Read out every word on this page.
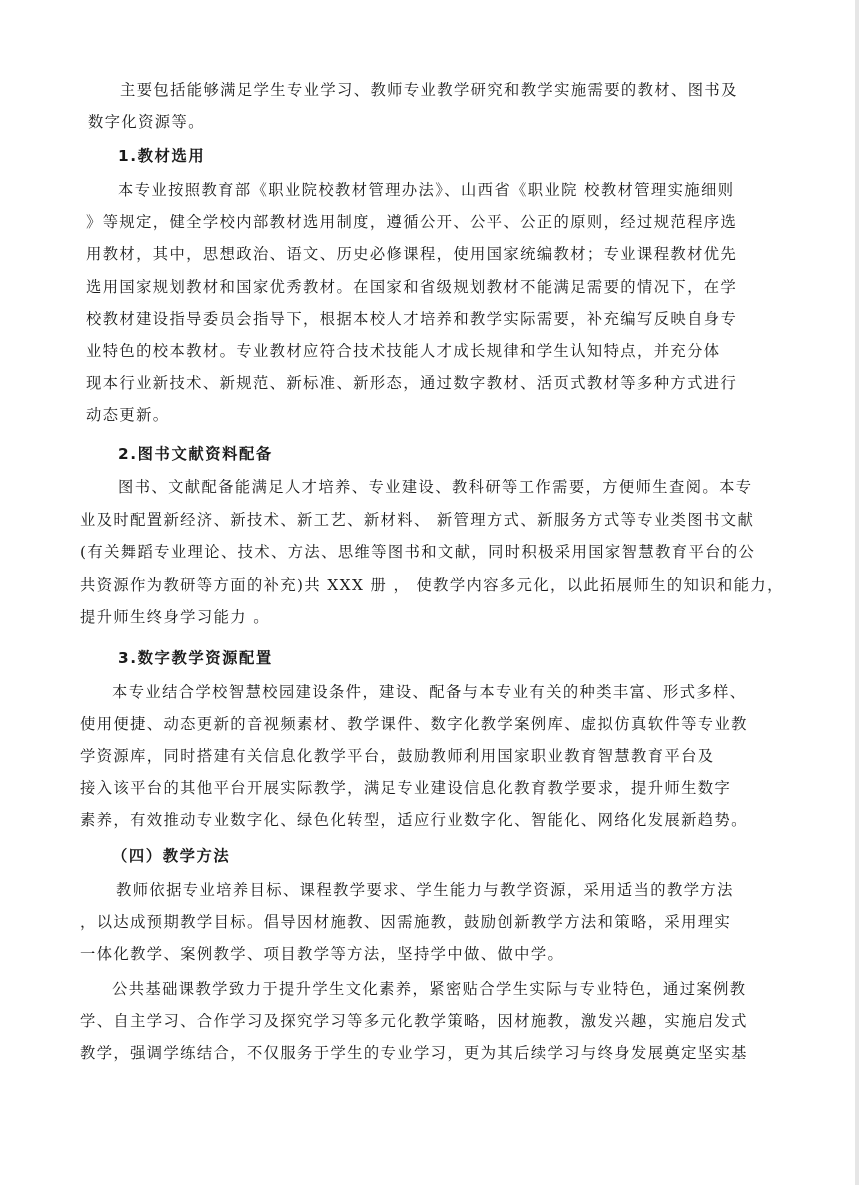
主要包括能够满足学生专业学习、教师专业教学研究和教学实施需要的教材、图书及
数字化资源等。
1.教材选用
本专业按照教育部《职业院校教材管理办法》、山西省《职业院 校教材管理实施细则
》等规定，健全学校内部教材选用制度，遵循公开、公平、公正的原则，经过规范程序选
用教材，其中，思想政治、语文、历史必修课程，使用国家统编教材；专业课程教材优先
选用国家规划教材和国家优秀教材。在国家和省级规划教材不能满足需要的情况下，在学
校教材建设指导委员会指导下，根据本校人才培养和教学实际需要，补充编写反映自身专
业特色的校本教材。专业教材应符合技术技能人才成长规律和学生认知特点，并充分体
现本行业新技术、新规范、新标准、新形态，通过数字教材、活页式教材等多种方式进行
动态更新。
2.图书文献资料配备
图书、文献配备能满足人才培养、专业建设、教科研等工作需要，方便师生查阅。本专
业及时配置新经济、新技术、新工艺、新材料、 新管理方式、新服务方式等专业类图书文献
(有关舞蹈专业理论、技术、方法、思维等图书和文献，同时积极采用国家智慧教育平台的公
共资源作为教研等方面的补充)共 XXX 册 ， 使教学内容多元化，以此拓展师生的知识和能力，
提升师生终身学习能力 。
3.数字教学资源配置
本专业结合学校智慧校园建设条件，建设、配备与本专业有关的种类丰富、形式多样、
使用便捷、动态更新的音视频素材、教学课件、数字化教学案例库、虚拟仿真软件等专业教
学资源库，同时搭建有关信息化教学平台，鼓励教师利用国家职业教育智慧教育平台及
接入该平台的其他平台开展实际教学，满足专业建设信息化教育教学要求，提升师生数字
素养，有效推动专业数字化、绿色化转型，适应行业数字化、智能化、网络化发展新趋势。
（四）教学方法
教师依据专业培养目标、课程教学要求、学生能力与教学资源，采用适当的教学方法
，以达成预期教学目标。倡导因材施教、因需施教，鼓励创新教学方法和策略，采用理实
一体化教学、案例教学、项目教学等方法，坚持学中做、做中学。
公共基础课教学致力于提升学生文化素养，紧密贴合学生实际与专业特色，通过案例教
学、自主学习、合作学习及探究学习等多元化教学策略，因材施教，激发兴趣，实施启发式
教学，强调学练结合，不仅服务于学生的专业学习，更为其后续学习与终身发展奠定坚实基
